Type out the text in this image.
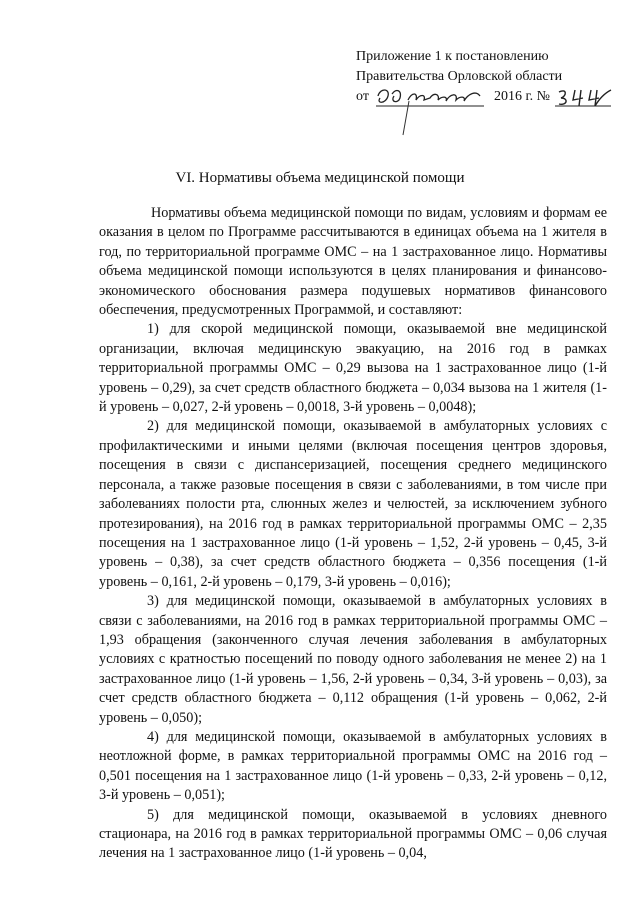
Приложение 1 к постановлению
Правительства Орловской области
от	2016 г. №
VI. Нормативы объема медицинской помощи

Нормативы объема медицинской помощи по видам, условиям и формам ее оказания в целом по Программе рассчитываются в единицах объема на 1 жителя в год, по территориальной программе ОМС – на 1 застрахованное лицо. Нормативы объема медицинской помощи используются в целях планирования и финансово-экономического обоснования размера подушевых нормативов финансового обеспечения, предусмотренных Программой, и составляют:

1) для скорой медицинской помощи, оказываемой вне медицинской организации, включая медицинскую эвакуацию, на 2016 год в рамках территориальной программы ОМС – 0,29 вызова на 1 застрахованное лицо (1-й уровень – 0,29), за счет средств областного бюджета – 0,034 вызова на 1 жителя (1-й уровень – 0,027, 2-й уровень – 0,0018, 3-й уровень – 0,0048);

2) для медицинской помощи, оказываемой в амбулаторных условиях с профилактическими и иными целями (включая посещения центров здоровья, посещения в связи с диспансеризацией, посещения среднего медицинского персонала, а также разовые посещения в связи с заболеваниями, в том числе при заболеваниях полости рта, слюнных желез и челюстей, за исключением зубного протезирования), на 2016 год в рамках территориальной программы ОМС – 2,35 посещения на 1 застрахованное лицо (1-й уровень – 1,52, 2-й уровень – 0,45, 3-й уровень – 0,38), за счет средств областного бюджета – 0,356 посещения (1-й уровень – 0,161, 2-й уровень – 0,179, 3-й уровень – 0,016);

3) для медицинской помощи, оказываемой в амбулаторных условиях в связи с заболеваниями, на 2016 год в рамках территориальной программы ОМС – 1,93 обращения (законченного случая лечения заболевания в амбулаторных условиях с кратностью посещений по поводу одного заболевания не менее 2) на 1 застрахованное лицо (1-й уровень – 1,56, 2-й уровень – 0,34, 3-й уровень – 0,03), за счет средств областного бюджета – 0,112 обращения (1-й уровень – 0,062, 2-й уровень – 0,050);

4) для медицинской помощи, оказываемой в амбулаторных условиях в неотложной форме, в рамках территориальной программы ОМС на 2016 год – 0,501 посещения на 1 застрахованное лицо (1-й уровень – 0,33, 2-й уровень – 0,12, 3-й уровень – 0,051);

5) для медицинской помощи, оказываемой в условиях дневного стационара, на 2016 год в рамках территориальной программы ОМС – 0,06 случая лечения на 1 застрахованное лицо (1-й уровень – 0,04,
